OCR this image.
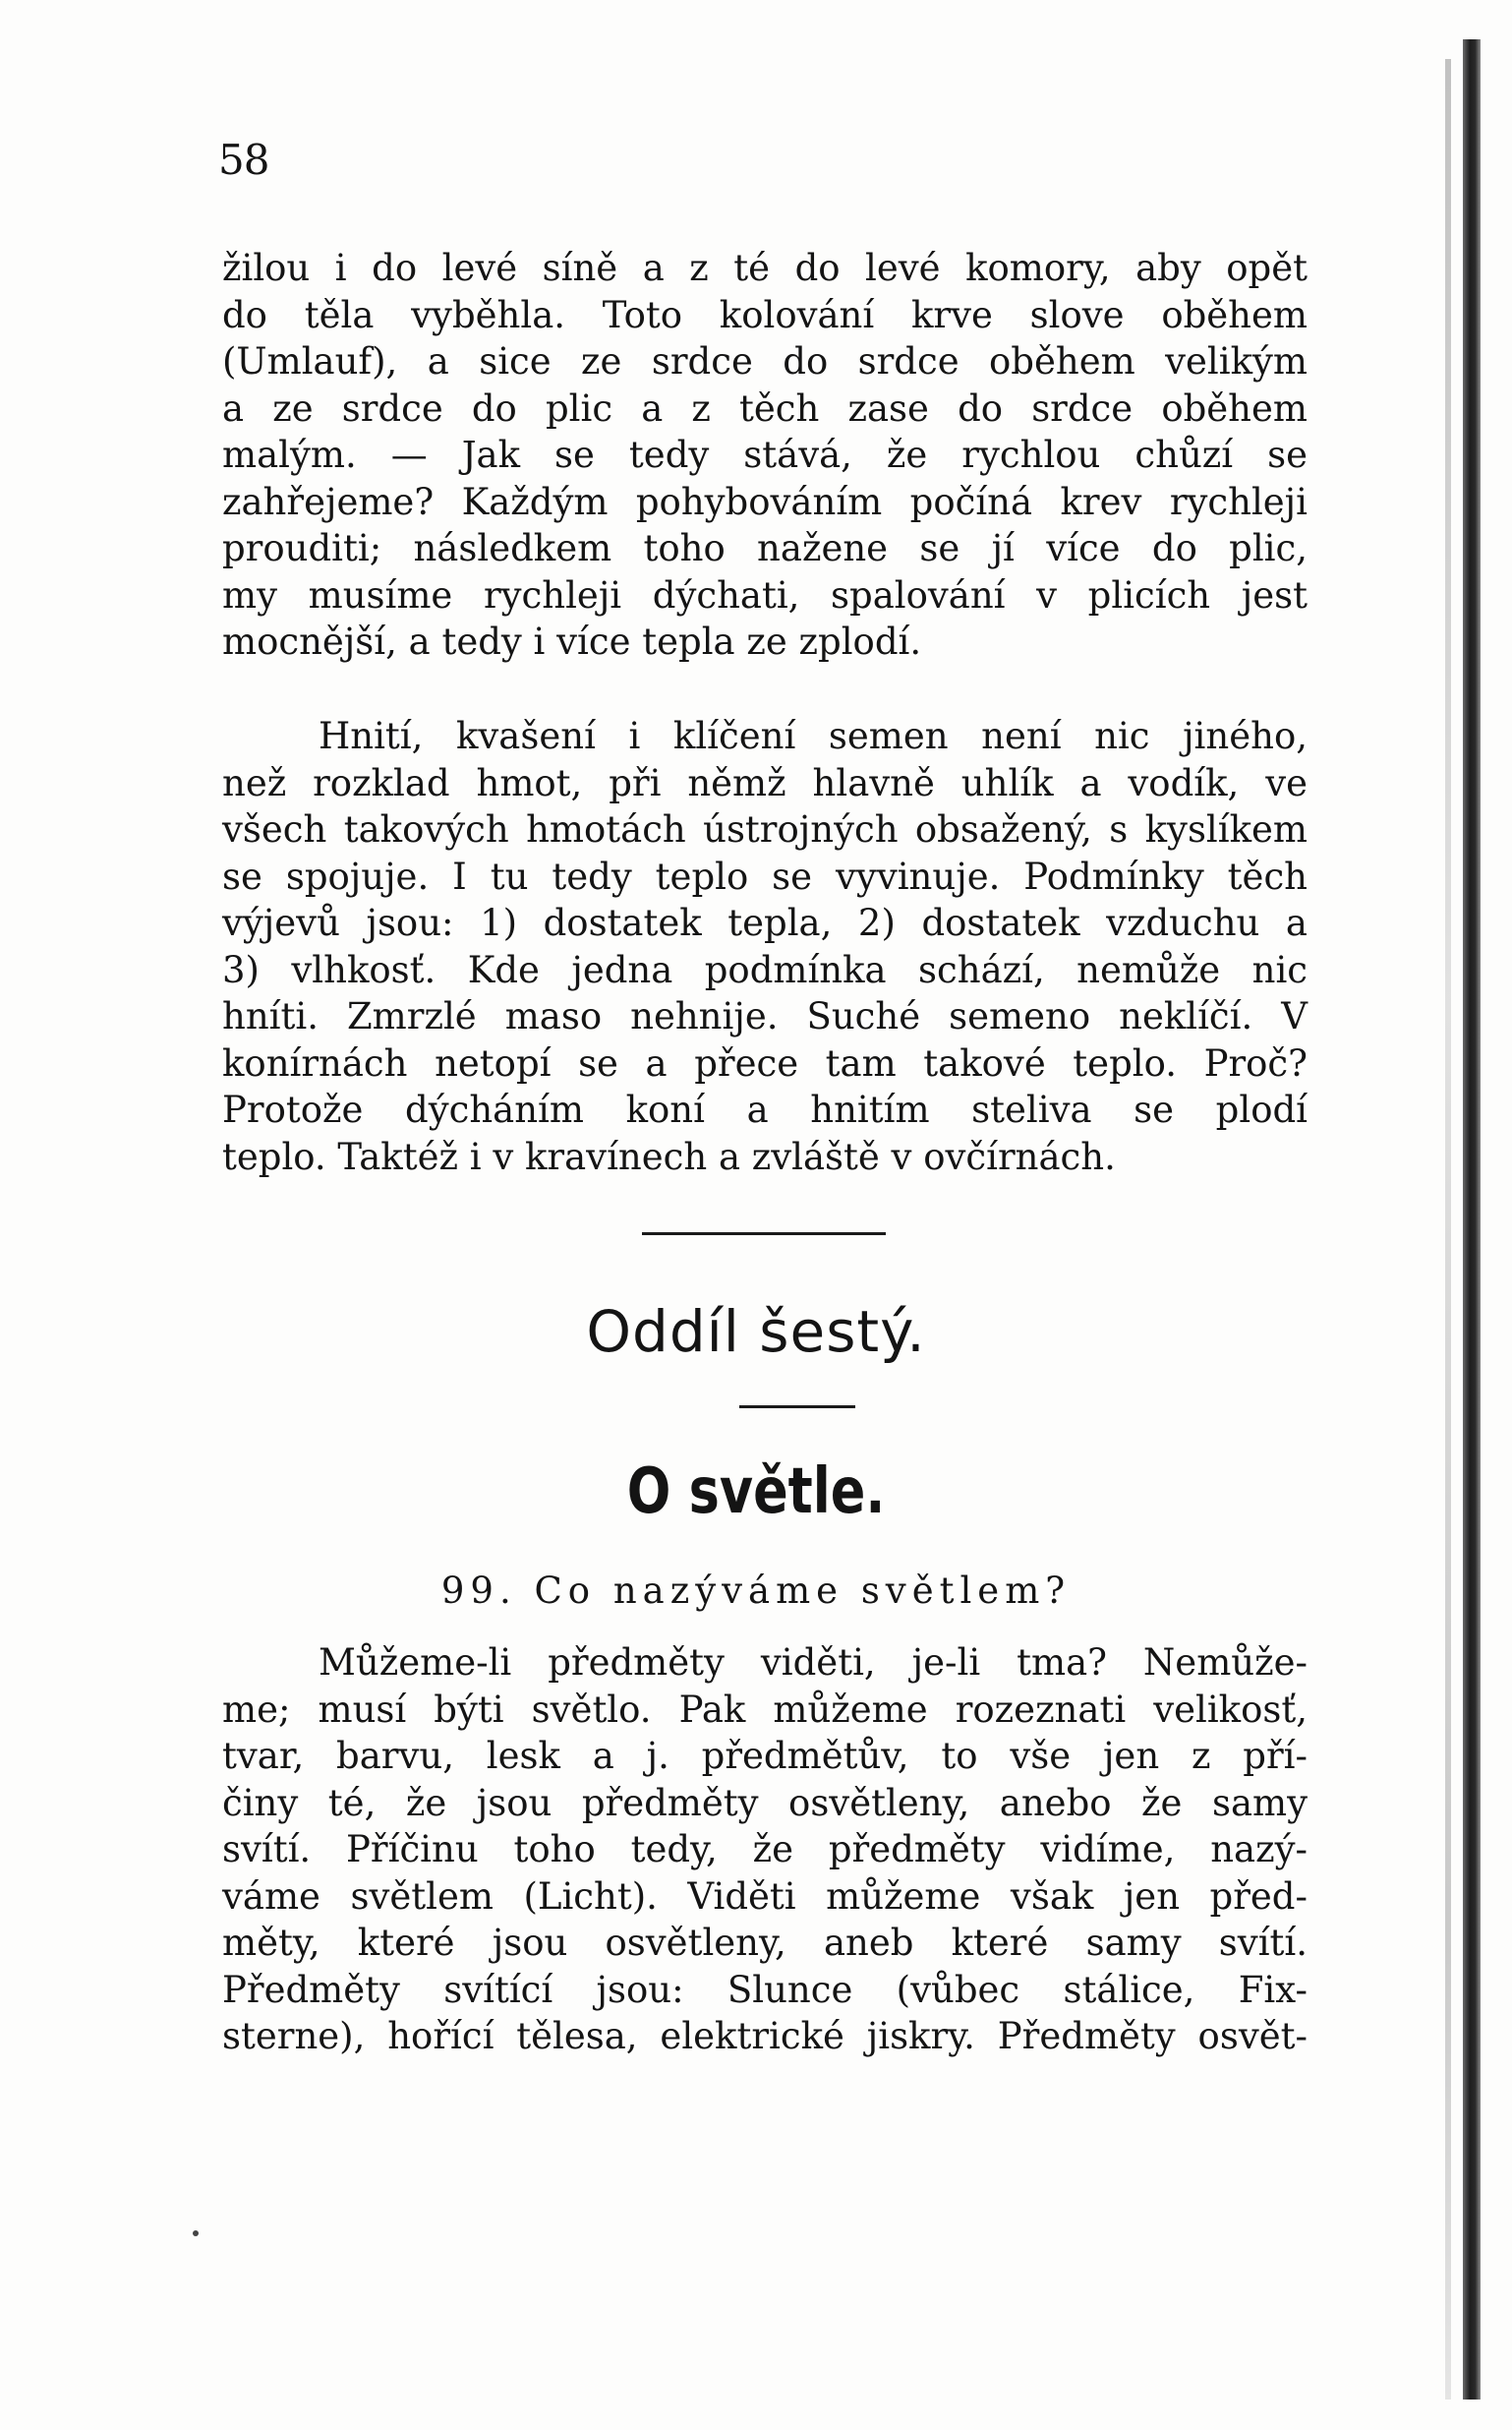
58
žilou i do levé síně a z té do levé komory, aby opět
do těla vyběhla. Toto kolování krve slove oběhem
(Umlauf), a sice ze srdce do srdce oběhem velikým
a ze srdce do plic a z těch zase do srdce oběhem
malým. — Jak se tedy stává, že rychlou chůzí se
zahřejeme? Každým pohybováním počíná krev rychleji
prouditi; následkem toho nažene se jí více do plic,
my musíme rychleji dýchati, spalování v plicích jest
mocnější, a tedy i více tepla ze zplodí.
Hnití, kvašení i klíčení semen není nic jiného,
než rozklad hmot, při němž hlavně uhlík a vodík, ve
všech takových hmotách ústrojných obsažený, s kyslíkem
se spojuje. I tu tedy teplo se vyvinuje. Podmínky těch
výjevů jsou: 1) dostatek tepla, 2) dostatek vzduchu a
3) vlhkosť. Kde jedna podmínka schází, nemůže nic
hníti. Zmrzlé maso nehnije. Suché semeno neklíčí. V
konírnách netopí se a přece tam takové teplo. Proč?
Protože dýcháním koní a hnitím steliva se plodí
teplo. Taktéž i v kravínech a zvláště v ovčírnách.
Oddíl šestý.
O světle.
99. Co nazýváme světlem?
Můžeme-li předměty viděti, je-li tma? Nemůže-
me; musí býti světlo. Pak můžeme rozeznati velikosť,
tvar, barvu, lesk a j. předmětův, to vše jen z pří-
činy té, že jsou předměty osvětleny, anebo že samy
svítí. Příčinu toho tedy, že předměty vidíme, nazý-
váme světlem (Licht). Viděti můžeme však jen před-
měty, které jsou osvětleny, aneb které samy svítí.
Předměty svítící jsou: Slunce (vůbec stálice, Fix-
sterne), hořící tělesa, elektrické jiskry. Předměty osvět-
